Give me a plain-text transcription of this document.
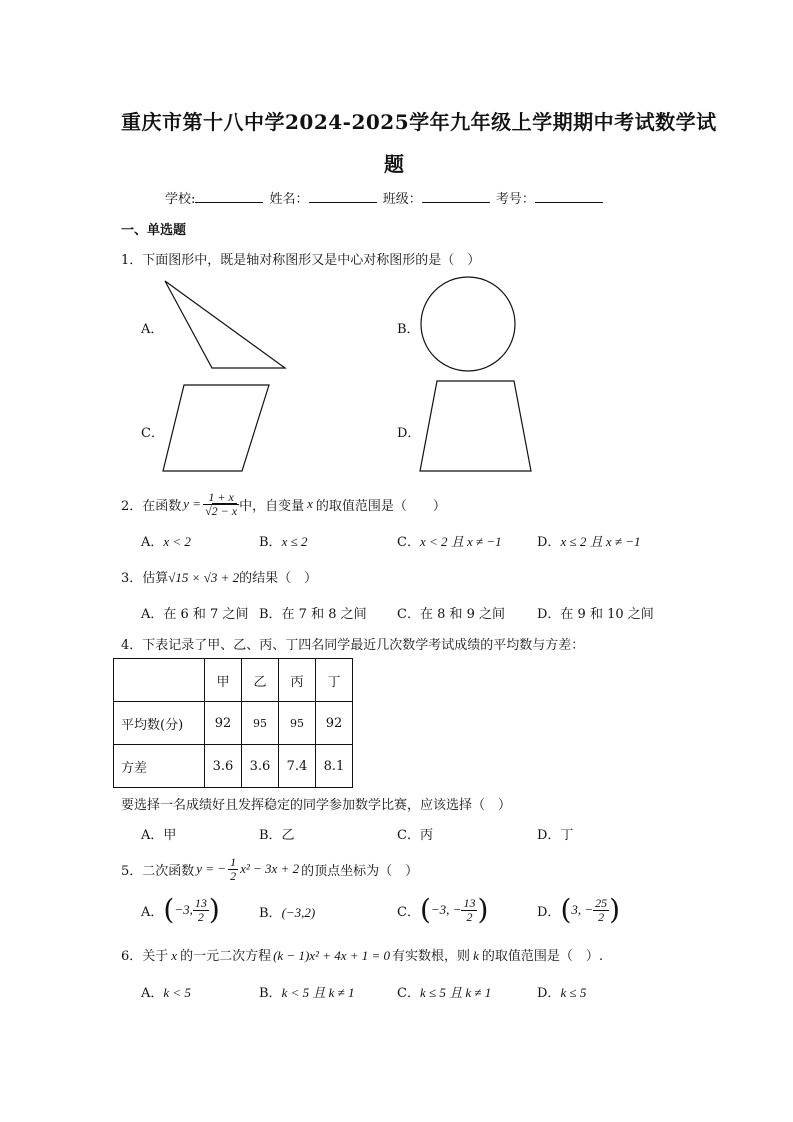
重庆市第十八中学2024-2025学年九年级上学期期中考试数学试
题
学校:	姓名：	班级：	考号：
一、单选题
1．下面图形中，既是轴对称图形又是中心对称图形的是（　）
A．	B．
C．	D．
2．在函数 $y = \frac{1 + x}{√2 - x}$ 中，自变量 x 的取值范围是（　　）
A．x < 2	B．x ≤ 2	C．x < 2 且 x ≠ −1	D．x ≤ 2 且 x ≠ −1
3．估算√15 × √3 + 2的结果（　）
A．在 6 和 7 之间 B．在 7 和 8 之间 C．在 8 和 9 之间 D．在 9 和 10 之间
4．下表记录了甲、乙、丙、丁四名同学最近几次数学考试成绩的平均数与方差：
	甲	乙	丙	丁
平均数(分)	92	95	95	92
方差	3.6	3.6	7.4	8.1
要选择一名成绩好且发挥稳定的同学参加数学比赛，应该选择（　）
A．甲	B．乙	C．丙	D．丁
5．二次函数 y = − $\frac{1}{2} x^2 - 3x + 2$ 的顶点坐标为（　）
A． ( −3, $\frac{13}{2}$ )	B．(−3,2)	C． ( −3, − $\frac{13}{2}$ )	D． ( 3, − $\frac{25}{2}$ )
6．关于 x 的一元二次方程 (k − 1)x² + 4x + 1 = 0 有实数根，则 k 的取值范围是（　）.
A．k < 5	B．k < 5 且 k ≠ 1	C．k ≤ 5 且 k ≠ 1	D．k ≤ 5
